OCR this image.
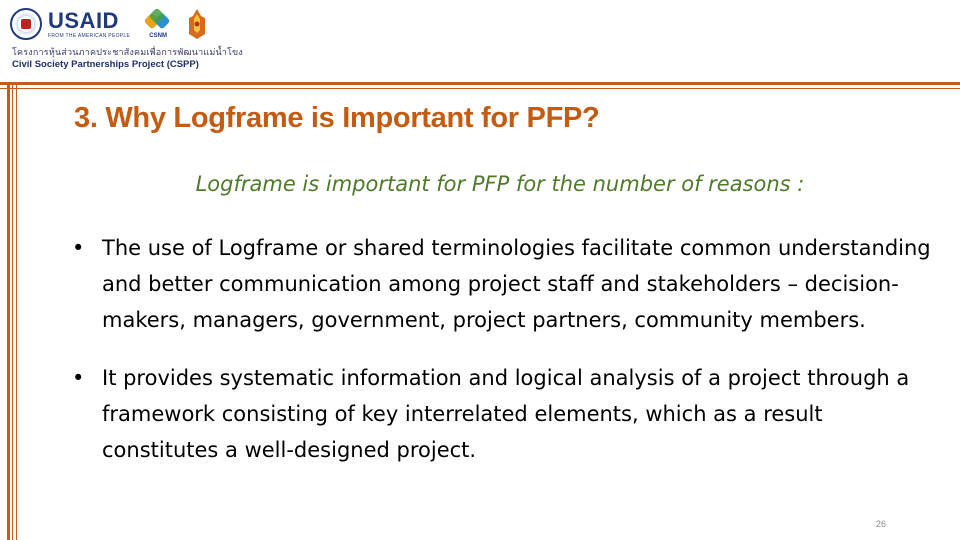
USAID
FROM THE AMERICAN PEOPLE	CSNM
โครงการหุ้นส่วนภาคประชาสังคมเพื่อการพัฒนาแม่น้ำโขง
Civil Society Partnerships Project (CSPP)
3. Why Logframe is Important for PFP?
Logframe is important for PFP for the number of reasons :
• The use of Logframe or shared terminologies facilitate common understanding and better communication among project staff and stakeholders – decision-makers, managers, government, project partners, community members.
• It provides systematic information and logical analysis of a project through a framework consisting of key interrelated elements, which as a result constitutes a well-designed project.
26
